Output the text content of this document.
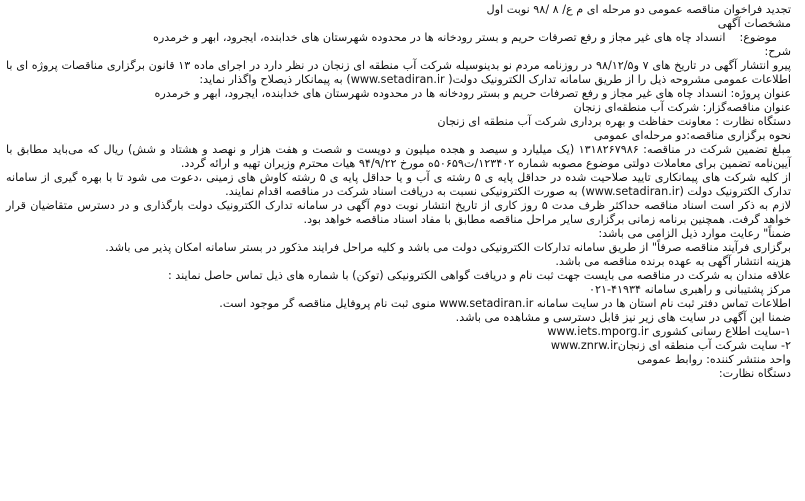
تجدید فراخوان مناقصه عمومی دو مرحله ای م ع/ ۸ /۹۸ نوبت اول

مشخصات آگهی

موضوع:
انسداد چاه های غیر مجاز و رفع تصرفات حریم و بستر رودخانه ها در محدوده شهرستان های خدابنده، ایجرود، ابهر و خرمدره

شرح:

پیرو انتشار آگهی در تاریخ های ۷ و۹۸/۱۲/۵ در روزنامه مردم نو بدینوسیله شرکت آب منطقه ای زنجان در نظر دارد در اجرای ماده ۱۳ قانون برگزاری مناقصات پروژه ای با اطلاعات عمومی مشروحه ذیل را از طریق سامانه تدارک الکترونیک دولت( www.setadiran.ir) به پیمانکار ذیصلاح واگذار نماید:

عنوان پروژه: انسداد چاه های غیر مجاز و رفع تصرفات حریم و بستر رودخانه ها در محدوده شهرستان های خدابنده، ایجرود، ابهر و خرمدره

عنوان مناقصه‌گزار: شرکت آب منطقه‌ای زنجان

دستگاه نظارت : معاونت حفاظت و بهره برداری شرکت آب منطقه ای زنجان

نحوه برگزاری مناقصه:دو مرحله‌ای عمومی

مبلغ تضمین شرکت در مناقصه: ۱۳۱۸۲۶۷۹۸۶ (یک میلیارد و سیصد و هجده میلیون و دویست و شصت و هفت هزار و نهصد و هشتاد و شش) ریال که می‌باید مطابق با آیین‌نامه تضمین برای معاملات دولتی موضوع مصوبه شماره ۱۲۳۴۰۲/ت۵۰۶۵۹ه مورخ ۹۴/۹/۲۲ هیات محترم وزیران تهیه و ارائه گردد.

از کلیه شرکت های پیمانکاری تایید صلاحیت شده در حداقل پایه ی ۵ رشته ی آب و یا حداقل پایه ی ۵ رشته کاوش های زمینی ،دعوت می شود تا با بهره گیری از سامانه تدارک الکترونیک دولت (www.setadiran.ir) به صورت الکترونیکی نسبت به دریافت اسناد شرکت در مناقصه اقدام نمایند.

لازم به ذکر است اسناد مناقصه حداکثر ظرف مدت ۵ روز کاری از تاریخ انتشار نوبت دوم آگهی در سامانه تدارک الکترونیک دولت بارگذاری و در دسترس متقاضیان قرار خواهد گرفت. همچنین برنامه زمانی برگزاری سایر مراحل مناقصه مطابق با مفاد اسناد مناقصه خواهد بود.

ضمناً" رعایت موارد ذیل الزامی می باشد:

برگزاری فرآیند مناقصه صرفاً" از طریق سامانه تدارکات الکترونیکی دولت می باشد و کلیه مراحل فرایند مذکور در بستر سامانه امکان پذیر می باشد.

هزینه انتشار آگهی به عهده برنده مناقصه می باشد.

علاقه مندان به شرکت در مناقصه می بایست جهت ثبت نام و دریافت گواهی الکترونیکی (توکن) با شماره های ذیل تماس حاصل نمایند :

مرکز پشتیبانی و راهبری سامانه ۴۱۹۳۴-۰۲۱

اطلاعات تماس دفتر ثبت نام استان ها در سایت سامانه www.setadiran.ir منوی ثبت نام پروفایل مناقصه گر موجود است.

ضمنا این آگهی در سایت های زیر نیز قابل دسترسی و مشاهده می باشد.

۱-سایت اطلاع رسانی کشوری www.iets.mporg.ir

۲- سایت شرکت آب منطقه ای زنجانwww.znrw.ir

واحد منتشر کننده: روابط عمومی

دستگاه نظارت:
